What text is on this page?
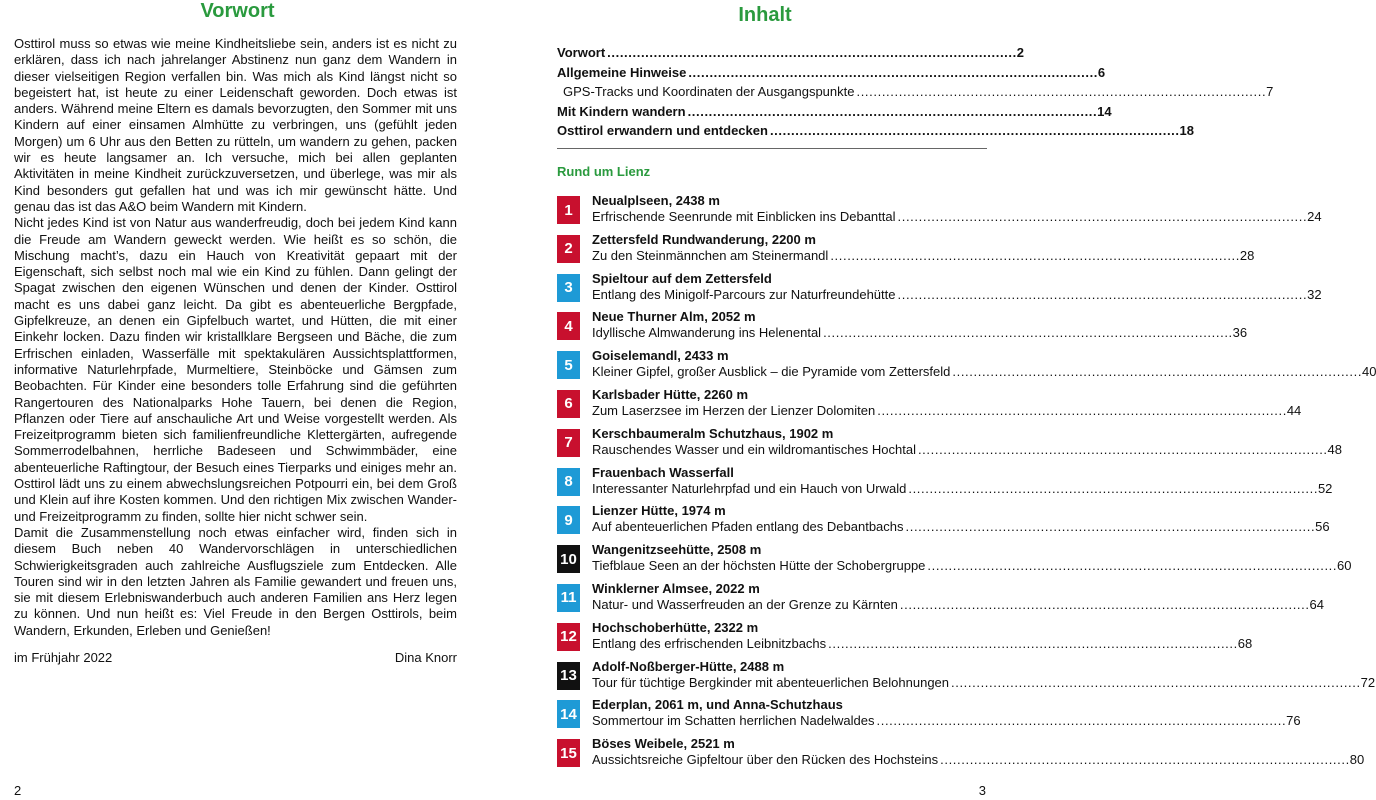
Vorwort

Osttirol muss so etwas wie meine Kindheitsliebe sein, anders ist es nicht zu erklären, dass ich nach jahrelanger Abstinenz nun ganz dem Wandern in dieser vielseitigen Region verfallen bin. Was mich als Kind längst nicht so begeistert hat, ist heute zu einer Leidenschaft geworden. Doch etwas ist anders. Während meine Eltern es damals bevorzugten, den Sommer mit uns Kindern auf einer einsamen Almhütte zu verbringen, uns (gefühlt jeden Morgen) um 6 Uhr aus den Betten zu rütteln, um wandern zu gehen, packen wir es heute langsamer an. Ich versuche, mich bei allen geplanten Aktivitäten in meine Kindheit zurückzuversetzen, und überlege, was mir als Kind besonders gut gefallen hat und was ich mir gewünscht hätte. Und genau das ist das A&O beim Wandern mit Kindern.

Nicht jedes Kind ist von Natur aus wanderfreudig, doch bei jedem Kind kann die Freude am Wandern geweckt werden. Wie heißt es so schön, die Mischung macht’s, dazu ein Hauch von Kreativität gepaart mit der Eigenschaft, sich selbst noch mal wie ein Kind zu fühlen. Dann gelingt der Spagat zwischen den eigenen Wünschen und denen der Kinder. Osttirol macht es uns dabei ganz leicht. Da gibt es abenteuerliche Bergpfade, Gipfelkreuze, an denen ein Gipfelbuch wartet, und Hütten, die mit einer Einkehr locken. Dazu finden wir kristallklare Bergseen und Bäche, die zum Erfrischen einladen, Wasserfälle mit spektakulären Aussichtsplattformen, informative Naturlehrpfade, Murmeltiere, Steinböcke und Gämsen zum Beobachten. Für Kinder eine besonders tolle Erfahrung sind die geführten Rangertouren des Nationalparks Hohe Tauern, bei denen die Region, Pflanzen oder Tiere auf anschauliche Art und Weise vorgestellt werden. Als Freizeitprogramm bieten sich familienfreundliche Klettergärten, aufregende Sommerrodelbahnen, herrliche Badeseen und Schwimmbäder, eine abenteuerliche Raftingtour, der Besuch eines Tierparks und einiges mehr an. Osttirol lädt uns zu einem abwechslungsreichen Potpourri ein, bei dem Groß und Klein auf ihre Kosten kommen. Und den richtigen Mix zwischen Wander- und Freizeitprogramm zu finden, sollte hier nicht schwer sein.

Damit die Zusammenstellung noch etwas einfacher wird, finden sich in diesem Buch neben 40 Wandervorschlägen in unterschiedlichen Schwierigkeitsgraden auch zahlreiche Ausflugsziele zum Entdecken. Alle Touren sind wir in den letzten Jahren als Familie gewandert und freuen uns, sie mit diesem Erlebniswanderbuch auch anderen Familien ans Herz legen zu können. Und nun heißt es: Viel Freude in den Bergen Osttirols, beim Wandern, Erkunden, Erleben und Genießen!

im Frühjahr 2022	Dina Knorr
2
Inhalt
Vorwort . . .	2
Allgemeine Hinweise . . .	6
GPS-Tracks und Koordinaten der Ausgangspunkte . . .	7
Mit Kindern wandern . . .	14
Osttirol erwandern und entdecken . . .	18
Rund um Lienz
1
Neualplseen, 2438 m
Erfrischende Seenrunde mit Einblicken ins Debanttal . . .	24
2
Zettersfeld Rundwanderung, 2200 m
Zu den Steinmännchen am Steinermandl . . .	28
3
Spieltour auf dem Zettersfeld
Entlang des Minigolf-Parcours zur Naturfreundehütte . . .	32
4
Neue Thurner Alm, 2052 m
Idyllische Almwanderung ins Helenental . . .	36
5
Goiselemandl, 2433 m
Kleiner Gipfel, großer Ausblick – die Pyramide vom Zettersfeld . . .	40
6
Karlsbader Hütte, 2260 m
Zum Laserzsee im Herzen der Lienzer Dolomiten . . .	44
7
Kerschbaumeralm Schutzhaus, 1902 m
Rauschendes Wasser und ein wildromantisches Hochtal . . .	48
8
Frauenbach Wasserfall
Interessanter Naturlehrpfad und ein Hauch von Urwald . . .	52
9
Lienzer Hütte, 1974 m
Auf abenteuerlichen Pfaden entlang des Debantbachs . . .	56
10
Wangenitzseehütte, 2508 m
Tiefblaue Seen an der höchsten Hütte der Schobergruppe . . .	60
11
Winklerner Almsee, 2022 m
Natur- und Wasserfreuden an der Grenze zu Kärnten . . .	64
12
Hochschoberhütte, 2322 m
Entlang des erfrischenden Leibnitzbachs . . .	68
13
Adolf-Noßberger-Hütte, 2488 m
Tour für tüchtige Bergkinder mit abenteuerlichen Belohnungen . . .	72
14
Ederplan, 2061 m, und Anna-Schutzhaus
Sommertour im Schatten herrlichen Nadelwaldes . . .	76
15
Böses Weibele, 2521 m
Aussichtsreiche Gipfeltour über den Rücken des Hochsteins . . .	80
3
